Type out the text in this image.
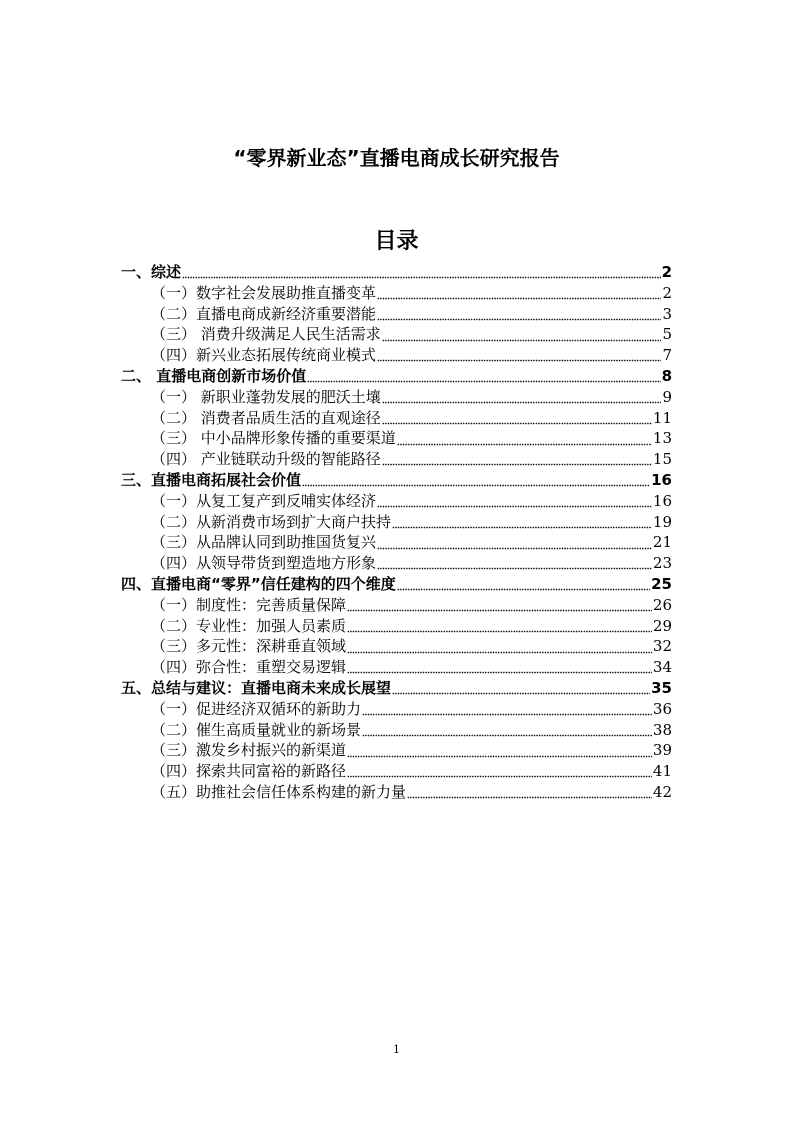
“零界新业态”直播电商成长研究报告
目录
一、综述	2
（一）数字社会发展助推直播变革	2
（二）直播电商成新经济重要潜能	3
（三） 消费升级满足人民生活需求	5
（四）新兴业态拓展传统商业模式	7
二、 直播电商创新市场价值	8
（一） 新职业蓬勃发展的肥沃土壤	9
（二） 消费者品质生活的直观途径	11
（三） 中小品牌形象传播的重要渠道	13
（四） 产业链联动升级的智能路径	15
三、直播电商拓展社会价值	16
（一）从复工复产到反哺实体经济	16
（二）从新消费市场到扩大商户扶持	19
（三）从品牌认同到助推国货复兴	21
（四）从领导带货到塑造地方形象	23
四、直播电商“零界”信任建构的四个维度	25
（一）制度性：完善质量保障	26
（二）专业性：加强人员素质	29
（三）多元性：深耕垂直领域	32
（四）弥合性：重塑交易逻辑	34
五、总结与建议：直播电商未来成长展望	35
（一）促进经济双循环的新助力	36
（二）催生高质量就业的新场景	38
（三）激发乡村振兴的新渠道	39
（四）探索共同富裕的新路径	41
（五）助推社会信任体系构建的新力量	42
1
